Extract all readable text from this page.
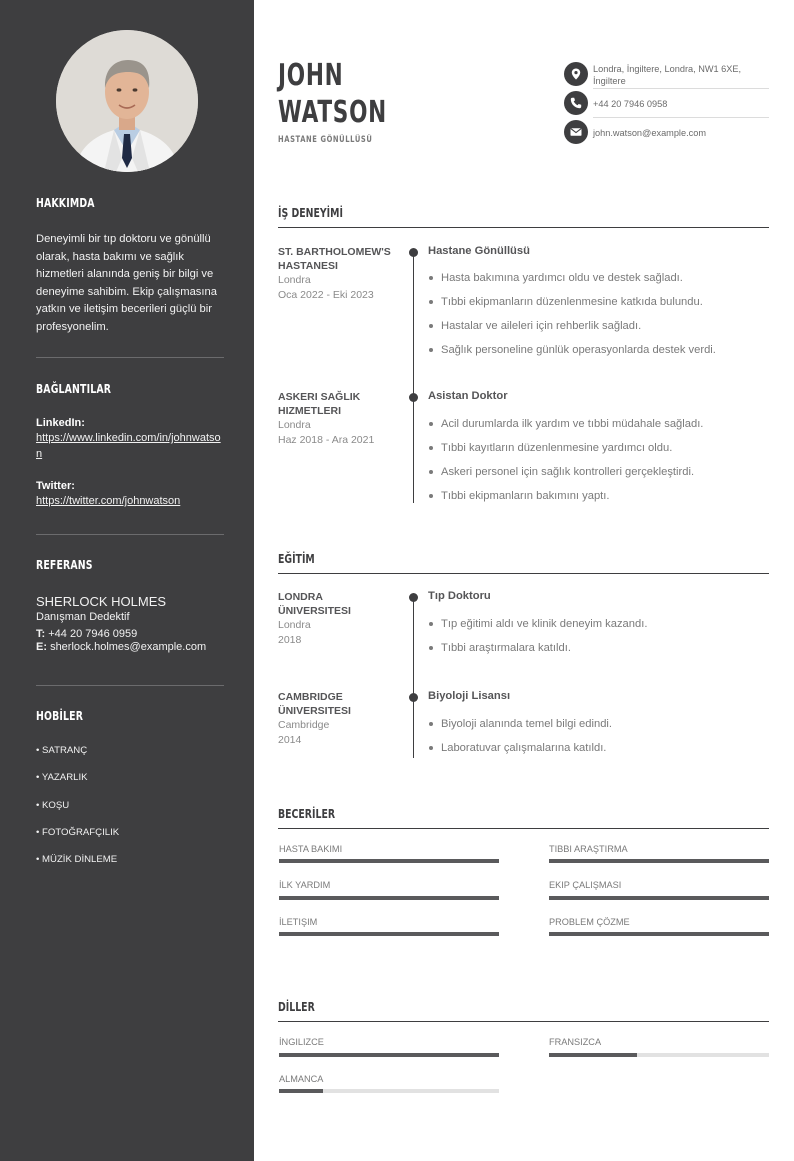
HAKKIMDA
Deneyimli bir tıp doktoru ve gönüllü olarak, hasta bakımı ve sağlık hizmetleri alanında geniş bir bilgi ve deneyime sahibim. Ekip çalışmasına yatkın ve iletişim becerileri güçlü bir profesyonelim.
BAĞLANTILAR
LinkedIn:
https://www.linkedin.com/in/johnwatson
Twitter:
https://twitter.com/johnwatson
REFERANS
SHERLOCK HOLMES
Danışman Dedektif
T: +44 20 7946 0959
E: sherlock.holmes@example.com
HOBİLER
• SATRANÇ
• YAZARLIK
• KOŞU
• FOTOĞRAFÇILIK
• MÜZİK DİNLEME
JOHN
WATSON
HASTANE GÖNÜLLÜSÜ
Londra, İngiltere, Londra, NW1 6XE, İngiltere
+44 20 7946 0958
john.watson@example.com
İŞ DENEYİMİ
ST. BARTHOLOMEW'S HASTANESI
Londra
Oca 2022 - Eki 2023
Hastane Gönüllüsü
Hasta bakımına yardımcı oldu ve destek sağladı.
Tıbbi ekipmanların düzenlenmesine katkıda bulundu.
Hastalar ve aileleri için rehberlik sağladı.
Sağlık personeline günlük operasyonlarda destek verdi.
ASKERI SAĞLIK HIZMETLERI
Londra
Haz 2018 - Ara 2021
Asistan Doktor
Acil durumlarda ilk yardım ve tıbbi müdahale sağladı.
Tıbbi kayıtların düzenlenmesine yardımcı oldu.
Askeri personel için sağlık kontrolleri gerçekleştirdi.
Tıbbi ekipmanların bakımını yaptı.
EĞİTİM
LONDRA ÜNIVERSITESI
Londra
2018
Tıp Doktoru
Tıp eğitimi aldı ve klinik deneyim kazandı.
Tıbbi araştırmalara katıldı.
CAMBRIDGE ÜNIVERSITESI
Cambridge
2014
Biyoloji Lisansı
Biyoloji alanında temel bilgi edindi.
Laboratuvar çalışmalarına katıldı.
BECERİLER
HASTA BAKIMI	TIBBI ARAŞTIRMA
İLK YARDIM	EKIP ÇALIŞMASI
İLETIŞIM	PROBLEM ÇÖZME
DİLLER
İNGILIZCE	FRANSIZCA
ALMANCA
